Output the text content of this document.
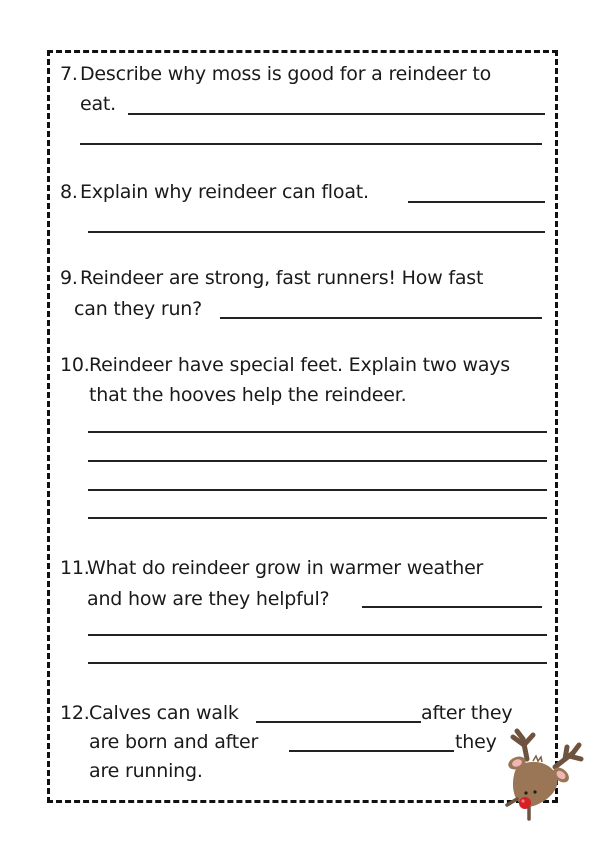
7. Describe why moss is good for a reindeer to
eat.
8. Explain why reindeer can float.
9. Reindeer are strong, fast runners! How fast
can they run?
10. Reindeer have special feet. Explain two ways
that the hooves help the reindeer.
11.
What do reindeer grow in warmer weather
and how are they helpful?
12. Calves can walk	after they
are born and after	they
are running.
